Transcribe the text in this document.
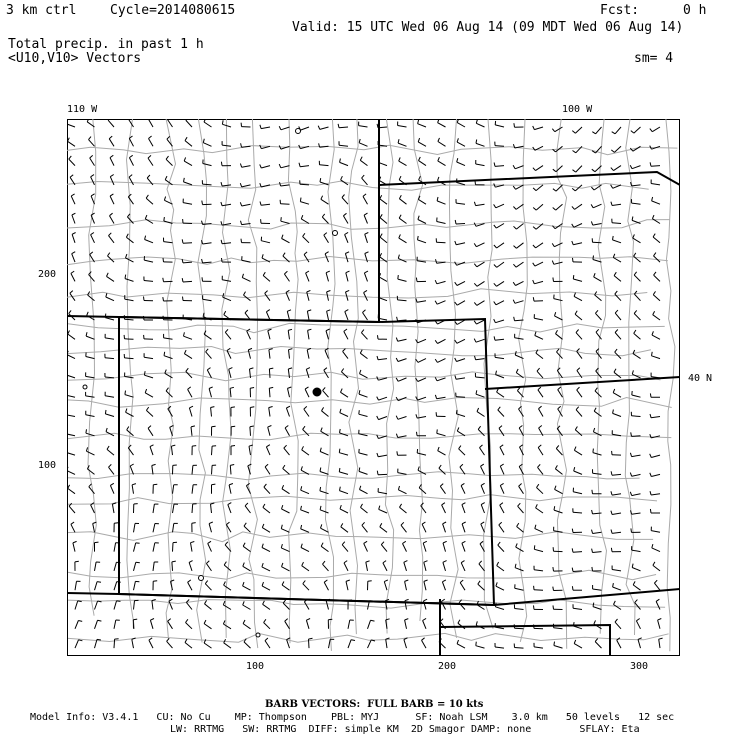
3 km ctrl	Cycle=2014080615	Fcst:	0 h
Valid: 15 UTC Wed 06 Aug 14 (09 MDT Wed 06 Aug 14)
Total precip. in past 1 h
<U10,V10> Vectors	sm= 4
110 W	100 W
40 N
200
100
100	200	300
BARB VECTORS:  FULL BARB = 10 kts
Model Info: V3.4.1   CU: No Cu    MP: Thompson    PBL: MYJ      SF: Noah LSM    3.0 km   50 levels   12 sec
LW: RRTMG   SW: RRTMG  DIFF: simple KM  2D Smagor DAMP: none        SFLAY: Eta
